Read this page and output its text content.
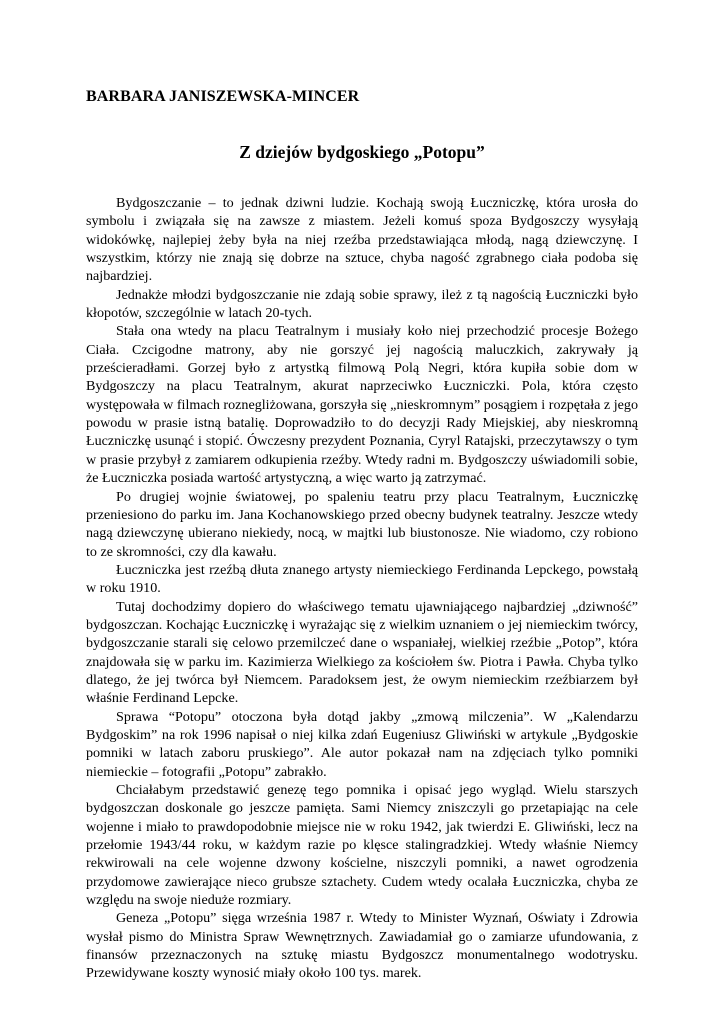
BARBARA JANISZEWSKA-MINCER
Z dziejów bydgoskiego „Potopu”

Bydgoszczanie – to jednak dziwni ludzie. Kochają swoją Łuczniczkę, która urosła do symbolu i związała się na zawsze z miastem. Jeżeli komuś spoza Bydgoszczy wysyłają widokówkę, najlepiej żeby była na niej rzeźba przedstawiająca młodą, nagą dziewczynę. I wszystkim, którzy nie znają się dobrze na sztuce, chyba nagość zgrabnego ciała podoba się najbardziej.

Jednakże młodzi bydgoszczanie nie zdają sobie sprawy, ileż z tą nagością Łuczniczki było kłopotów, szczególnie w latach 20-tych.

Stała ona wtedy na placu Teatralnym i musiały koło niej przechodzić procesje Bożego Ciała. Czcigodne matrony, aby nie gorszyć jej nagością maluczkich, zakrywały ją prześcieradłami. Gorzej było z artystką filmową Polą Negri, która kupiła sobie dom w Bydgoszczy na placu Teatralnym, akurat naprzeciwko Łuczniczki. Pola, która często występowała w filmach roznegliżowana, gorszyła się „nieskromnym” posągiem i rozpętała z jego powodu w prasie istną batalię. Doprowadziło to do decyzji Rady Miejskiej, aby nieskromną Łuczniczkę usunąć i stopić. Ówczesny prezydent Poznania, Cyryl Ratajski, przeczytawszy o tym w prasie przybył z zamiarem odkupienia rzeźby. Wtedy radni m. Bydgoszczy uświadomili sobie, że Łuczniczka posiada wartość artystyczną, a więc warto ją zatrzymać.

Po drugiej wojnie światowej, po spaleniu teatru przy placu Teatralnym, Łuczniczkę przeniesiono do parku im. Jana Kochanowskiego przed obecny budynek teatralny. Jeszcze wtedy nagą dziewczynę ubierano niekiedy, nocą, w majtki lub biustonosze. Nie wiadomo, czy robiono to ze skromności, czy dla kawału.

Łuczniczka jest rzeźbą dłuta znanego artysty niemieckiego Ferdinanda Lepckego, powstałą w roku 1910.

Tutaj dochodzimy dopiero do właściwego tematu ujawniającego najbardziej „dziwność” bydgoszczan. Kochając Łuczniczkę i wyrażając się z wielkim uznaniem o jej niemieckim twórcy, bydgoszczanie starali się celowo przemilczeć dane o wspaniałej, wielkiej rzeźbie „Potop”, która znajdowała się w parku im. Kazimierza Wielkiego za kościołem św. Piotra i Pawła. Chyba tylko dlatego, że jej twórca był Niemcem. Paradoksem jest, że owym niemieckim rzeźbiarzem był właśnie Ferdinand Lepcke.

Sprawa “Potopu” otoczona była dotąd jakby „zmową milczenia”. W „Kalendarzu Bydgoskim” na rok 1996 napisał o niej kilka zdań Eugeniusz Gliwiński w artykule „Bydgoskie pomniki w latach zaboru pruskiego”. Ale autor pokazał nam na zdjęciach tylko pomniki niemieckie – fotografii „Potopu” zabrakło.

Chciałabym przedstawić genezę tego pomnika i opisać jego wygląd. Wielu starszych bydgoszczan doskonale go jeszcze pamięta. Sami Niemcy zniszczyli go przetapiając na cele wojenne i miało to prawdopodobnie miejsce nie w roku 1942, jak twierdzi E. Gliwiński, lecz na przełomie 1943/44 roku, w każdym razie po klęsce stalingradzkiej. Wtedy właśnie Niemcy rekwirowali na cele wojenne dzwony kościelne, niszczyli pomniki, a nawet ogrodzenia przydomowe zawierające nieco grubsze sztachety. Cudem wtedy ocalała Łuczniczka, chyba ze względu na swoje nieduże rozmiary.

Geneza „Potopu” sięga września 1987 r. Wtedy to Minister Wyznań, Oświaty i Zdrowia wysłał pismo do Ministra Spraw Wewnętrznych. Zawiadamiał go o zamiarze ufundowania, z finansów przeznaczonych na sztukę miastu Bydgoszcz monumentalnego wodotrysku. Przewidywane koszty wynosić miały około 100 tys. marek.
